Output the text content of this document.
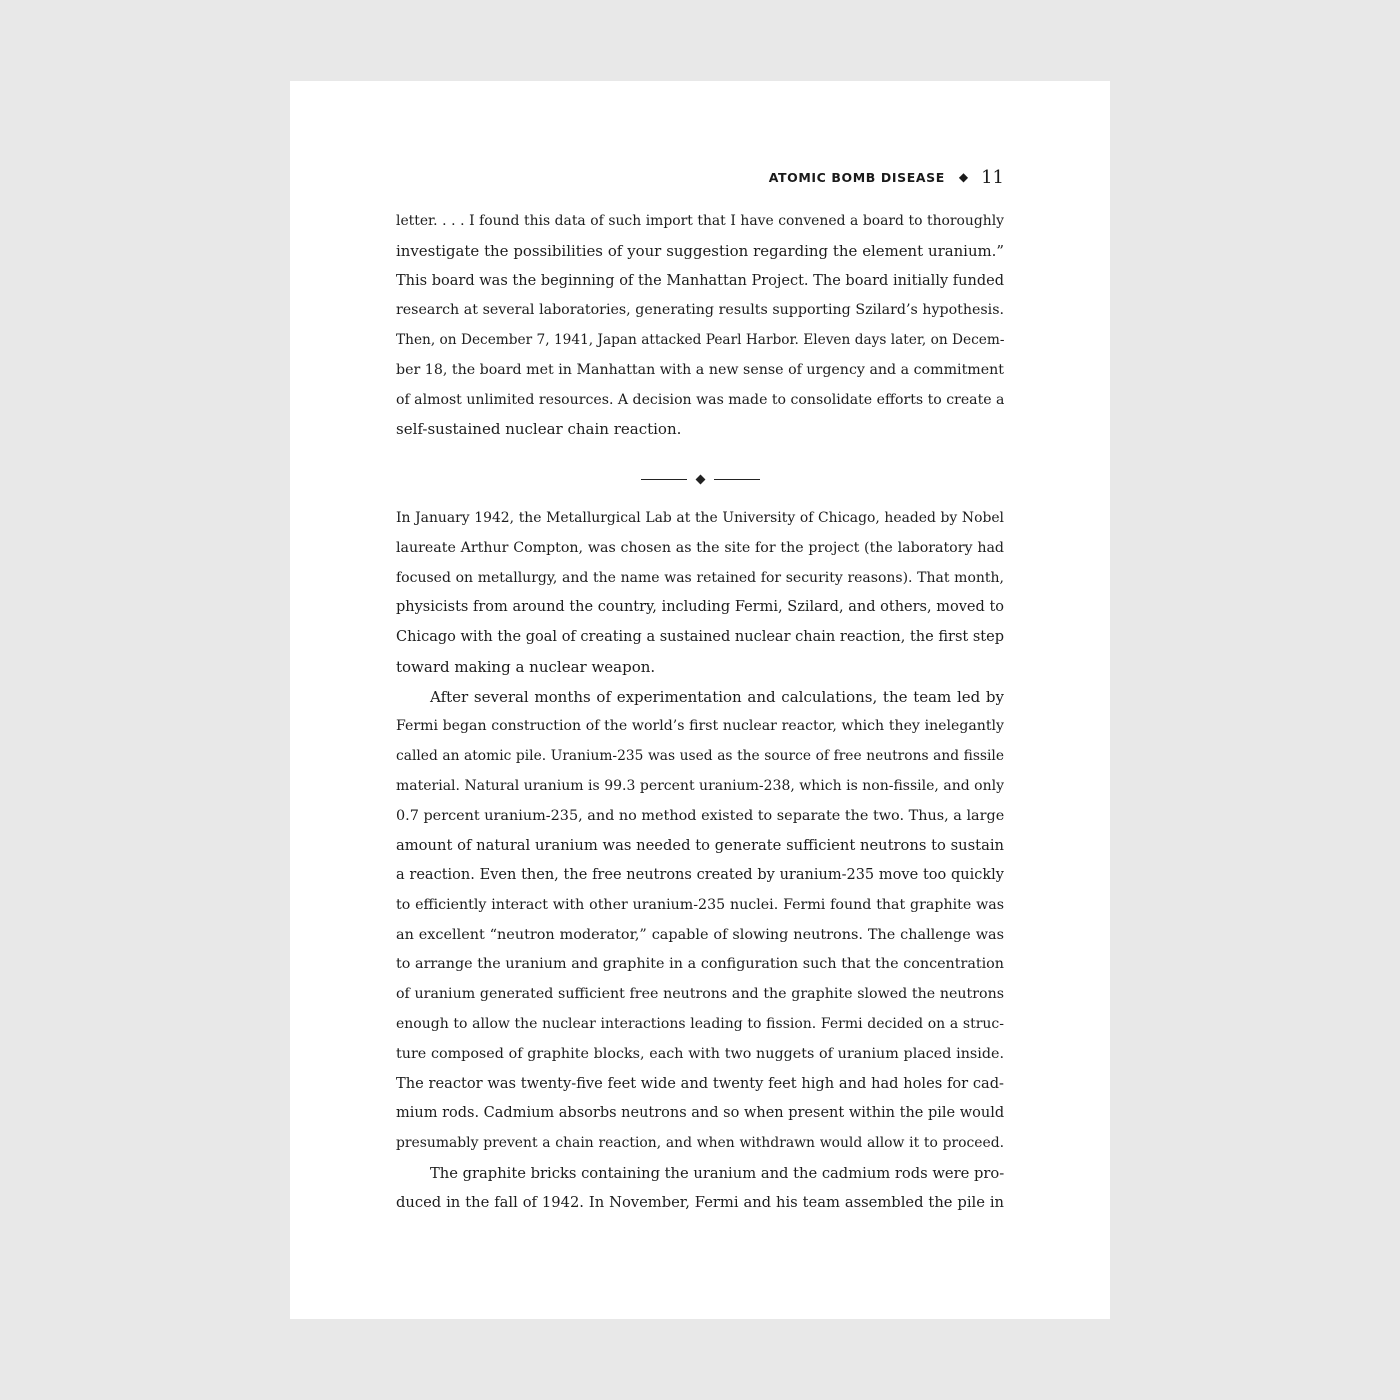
ATOMIC BOMB DISEASE ◆ 11
letter. . . . I found this data of such import that I have convened a board to thoroughly
investigate the possibilities of your suggestion regarding the element uranium.”
This board was the beginning of the Manhattan Project. The board initially funded
research at several laboratories, generating results supporting Szilard’s hypothesis.
Then, on December 7, 1941, Japan attacked Pearl Harbor. Eleven days later, on Decem-
ber 18, the board met in Manhattan with a new sense of urgency and a commitment
of almost unlimited resources. A decision was made to consolidate efforts to create a
self-sustained nuclear chain reaction.
In January 1942, the Metallurgical Lab at the University of Chicago, headed by Nobel
laureate Arthur Compton, was chosen as the site for the project (the laboratory had
focused on metallurgy, and the name was retained for security reasons). That month,
physicists from around the country, including Fermi, Szilard, and others, moved to
Chicago with the goal of creating a sustained nuclear chain reaction, the first step
toward making a nuclear weapon.
After several months of experimentation and calculations, the team led by
Fermi began construction of the world’s first nuclear reactor, which they inelegantly
called an atomic pile. Uranium-235 was used as the source of free neutrons and fissile
material. Natural uranium is 99.3 percent uranium-238, which is non-fissile, and only
0.7 percent uranium-235, and no method existed to separate the two. Thus, a large
amount of natural uranium was needed to generate sufficient neutrons to sustain
a reaction. Even then, the free neutrons created by uranium-235 move too quickly
to efficiently interact with other uranium-235 nuclei. Fermi found that graphite was
an excellent “neutron moderator,” capable of slowing neutrons. The challenge was
to arrange the uranium and graphite in a configuration such that the concentration
of uranium generated sufficient free neutrons and the graphite slowed the neutrons
enough to allow the nuclear interactions leading to fission. Fermi decided on a struc-
ture composed of graphite blocks, each with two nuggets of uranium placed inside.
The reactor was twenty-five feet wide and twenty feet high and had holes for cad-
mium rods. Cadmium absorbs neutrons and so when present within the pile would
presumably prevent a chain reaction, and when withdrawn would allow it to proceed.
The graphite bricks containing the uranium and the cadmium rods were pro-
duced in the fall of 1942. In November, Fermi and his team assembled the pile in
